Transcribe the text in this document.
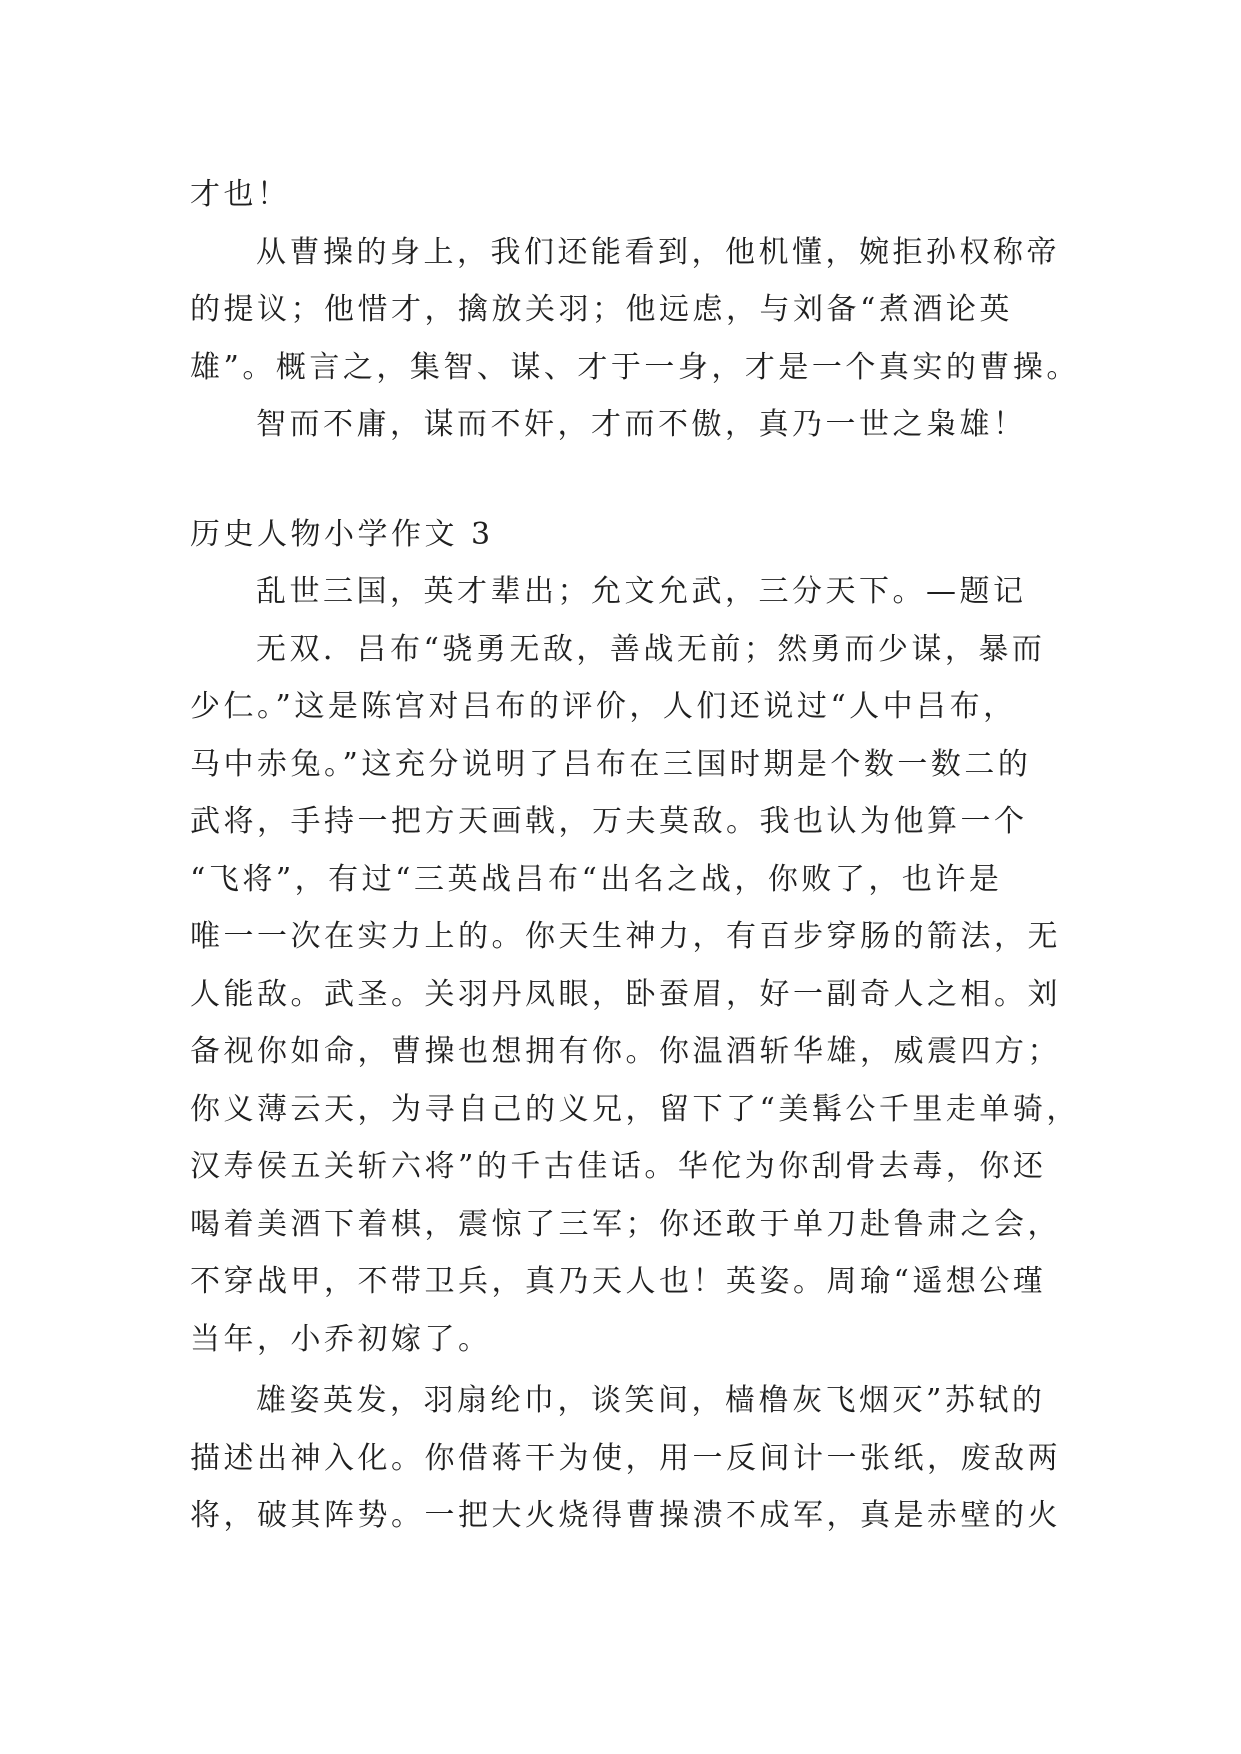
才也！
从曹操的身上，我们还能看到，他机懂，婉拒孙权称帝
的提议；他惜才，擒放关羽；他远虑，与刘备“煮酒论英
雄”。概言之，集智、谋、才于一身，才是一个真实的曹操。
智而不庸，谋而不奸，才而不傲，真乃一世之枭雄！
历史人物小学作文 3
乱世三国，英才辈出；允文允武，三分天下。—题记
无双．吕布“骁勇无敌，善战无前；然勇而少谋，暴而
少仁。”这是陈宫对吕布的评价，人们还说过“人中吕布，
马中赤兔。”这充分说明了吕布在三国时期是个数一数二的
武将，手持一把方天画戟，万夫莫敌。我也认为他算一个
“飞将”，有过“三英战吕布“出名之战，你败了，也许是
唯一一次在实力上的。你天生神力，有百步穿肠的箭法，无
人能敌。武圣。关羽丹凤眼，卧蚕眉，好一副奇人之相。刘
备视你如命，曹操也想拥有你。你温酒斩华雄，威震四方；
你义薄云天，为寻自己的义兄，留下了“美髯公千里走单骑，
汉寿侯五关斩六将”的千古佳话。华佗为你刮骨去毒，你还
喝着美酒下着棋，震惊了三军；你还敢于单刀赴鲁肃之会，
不穿战甲，不带卫兵，真乃天人也！英姿。周瑜“遥想公瑾
当年，小乔初嫁了。
雄姿英发，羽扇纶巾，谈笑间，樯橹灰飞烟灭”苏轼的
描述出神入化。你借蒋干为使，用一反间计一张纸，废敌两
将，破其阵势。一把大火烧得曹操溃不成军，真是赤壁的火
